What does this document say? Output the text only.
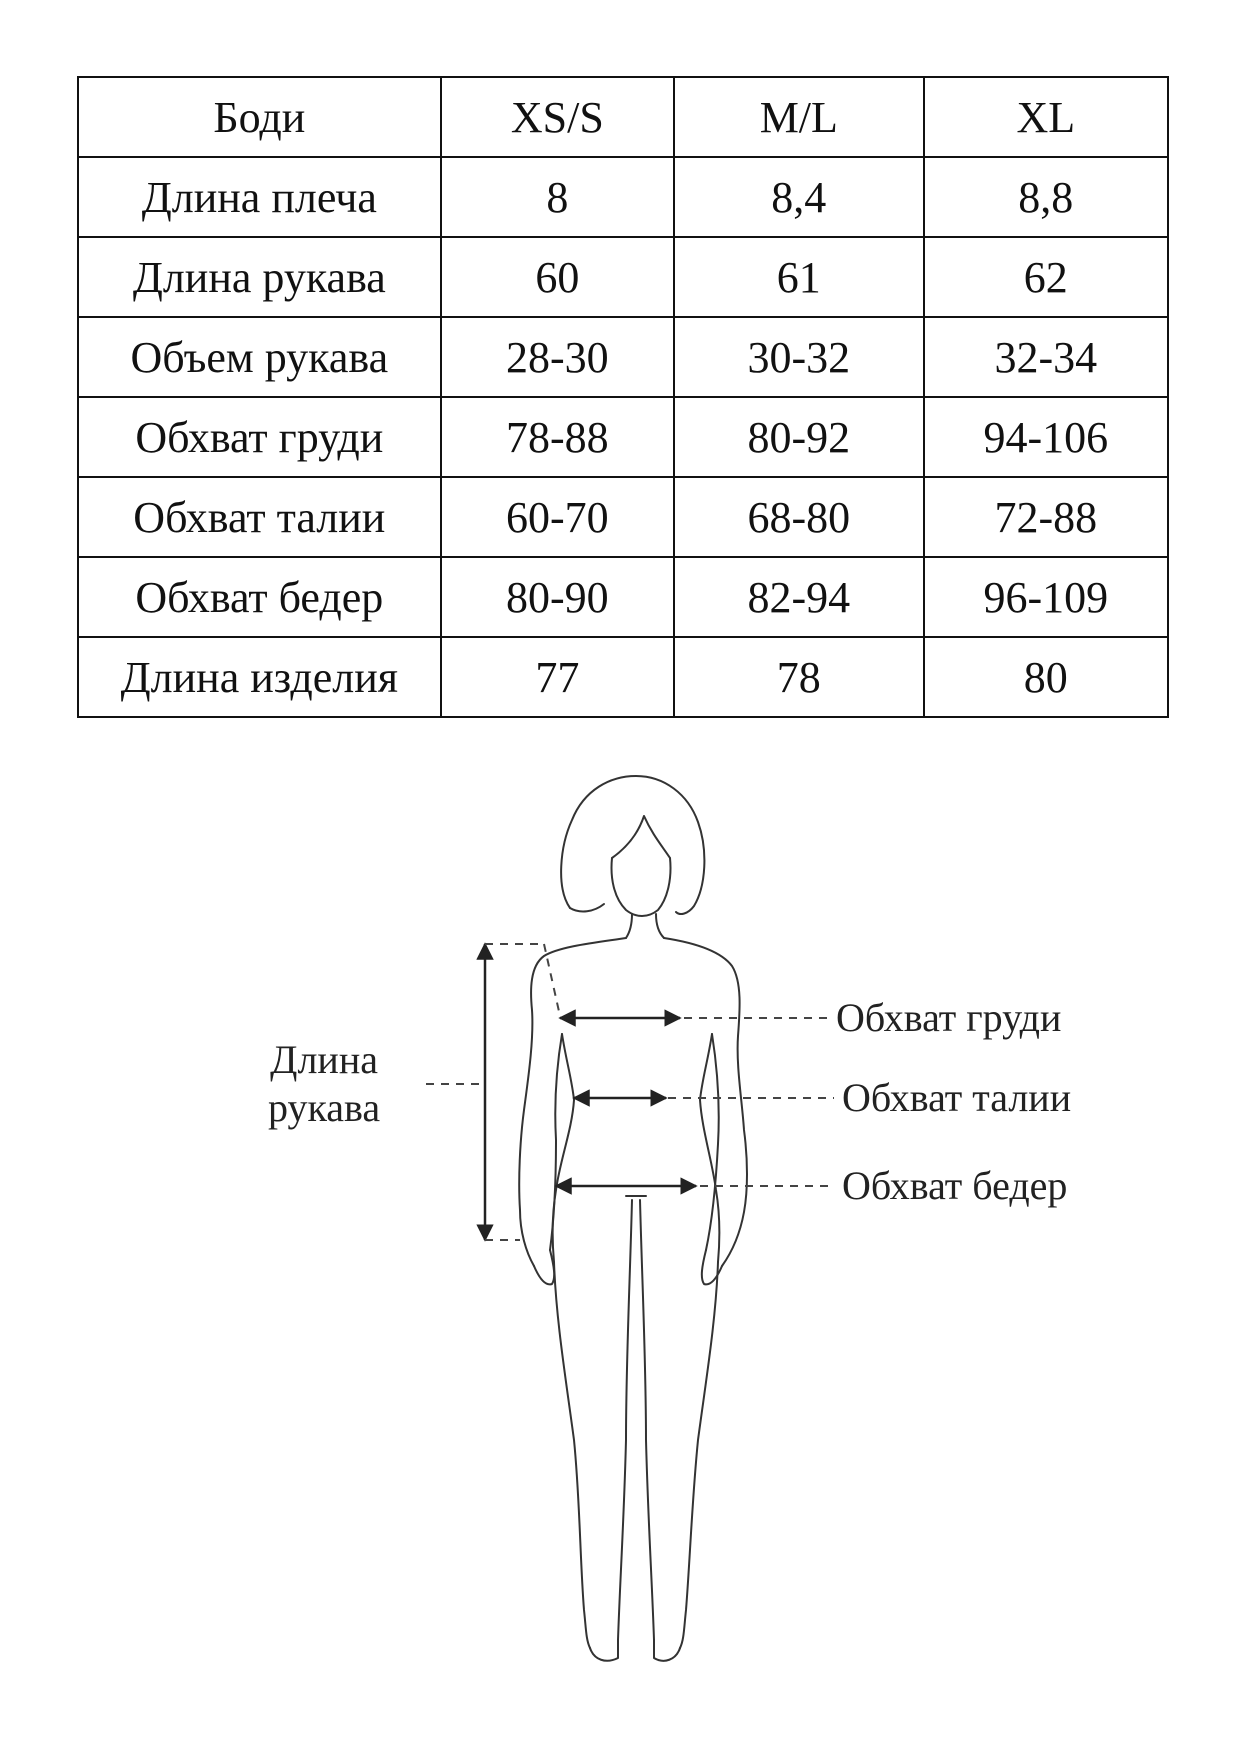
Боди	XS/S	M/L	XL
Длина плеча	8	8,4	8,8
Длина рукава	60	61	62
Объем рукава	28-30	30-32	32-34
Обхват груди	78-88	80-92	94-106
Обхват талии	60-70	68-80	72-88
Обхват бедер	80-90	82-94	96-109
Длина изделия	77	78	80
Длина
рукава
Обхват груди
Обхват талии
Обхват бедер
